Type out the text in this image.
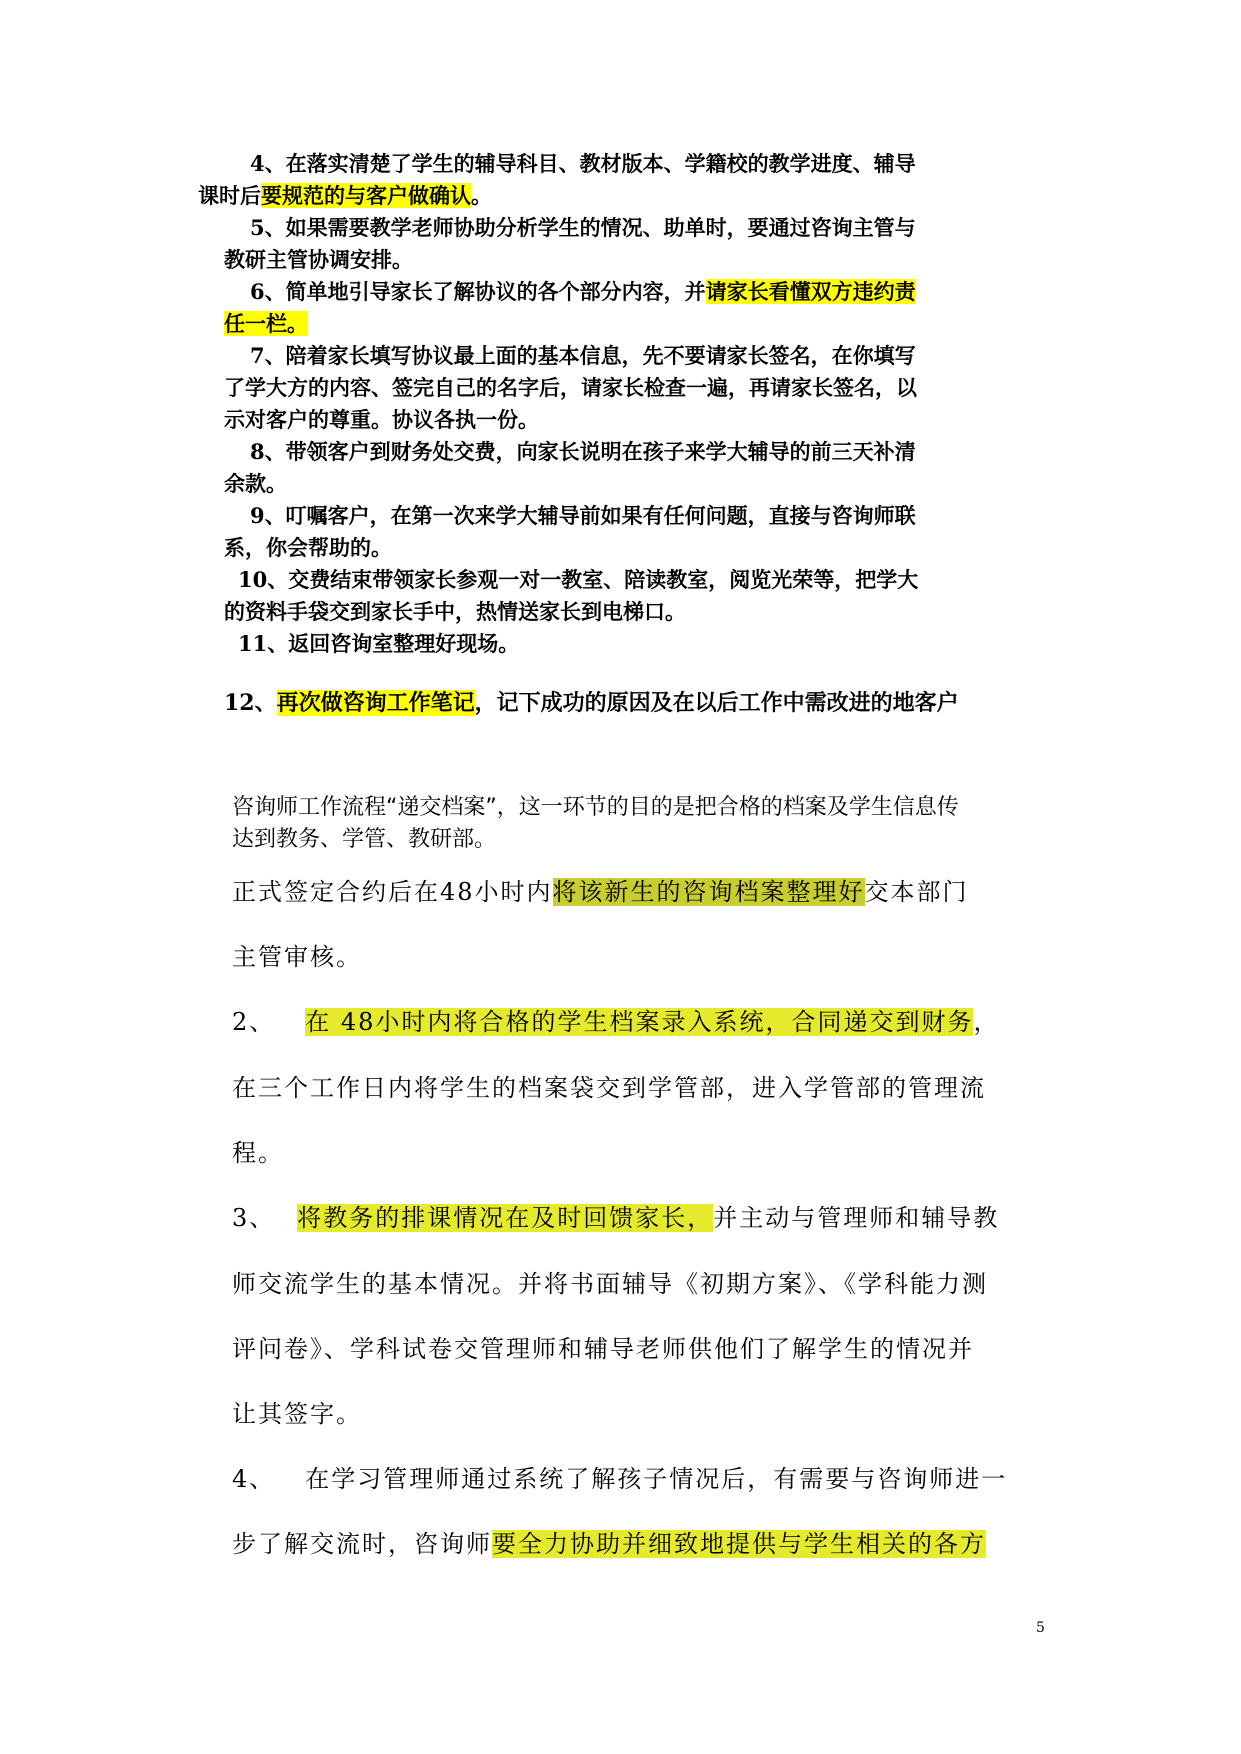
4、在落实清楚了学生的辅导科目、教材版本、学籍校的教学进度、辅导
课时后要规范的与客户做确认。
5、如果需要教学老师协助分析学生的情况、助单时，要通过咨询主管与
教研主管协调安排。
6、简单地引导家长了解协议的各个部分内容，并请家长看懂双方违约责
任一栏。
7、陪着家长填写协议最上面的基本信息，先不要请家长签名，在你填写
了学大方的内容、签完自己的名字后，请家长检查一遍，再请家长签名，以
示对客户的尊重。协议各执一份。
8、带领客户到财务处交费，向家长说明在孩子来学大辅导的前三天补清
余款。
9、叮嘱客户，在第一次来学大辅导前如果有任何问题，直接与咨询师联
系，你会帮助的。
10、交费结束带领家长参观一对一教室、陪读教室，阅览光荣等，把学大
的资料手袋交到家长手中，热情送家长到电梯口。
11、返回咨询室整理好现场。
12、再次做咨询工作笔记，记下成功的原因及在以后工作中需改进的地客户
咨询师工作流程“递交档案”，这一环节的目的是把合格的档案及学生信息传
达到教务、学管、教研部。
正式签定合约后在48小时内将该新生的咨询档案整理好交本部门
主管审核。
2、 在 48小时内将合格的学生档案录入系统，合同递交到财务，
在三个工作日内将学生的档案袋交到学管部，进入学管部的管理流
程。
3、 将教务的排课情况在及时回馈家长，并主动与管理师和辅导教
师交流学生的基本情况。并将书面辅导《初期方案》、《学科能力测
评问卷》、学科试卷交管理师和辅导老师供他们了解学生的情况并
让其签字。
4、 在学习管理师通过系统了解孩子情况后，有需要与咨询师进一
步了解交流时，咨询师要全力协助并细致地提供与学生相关的各方
5
